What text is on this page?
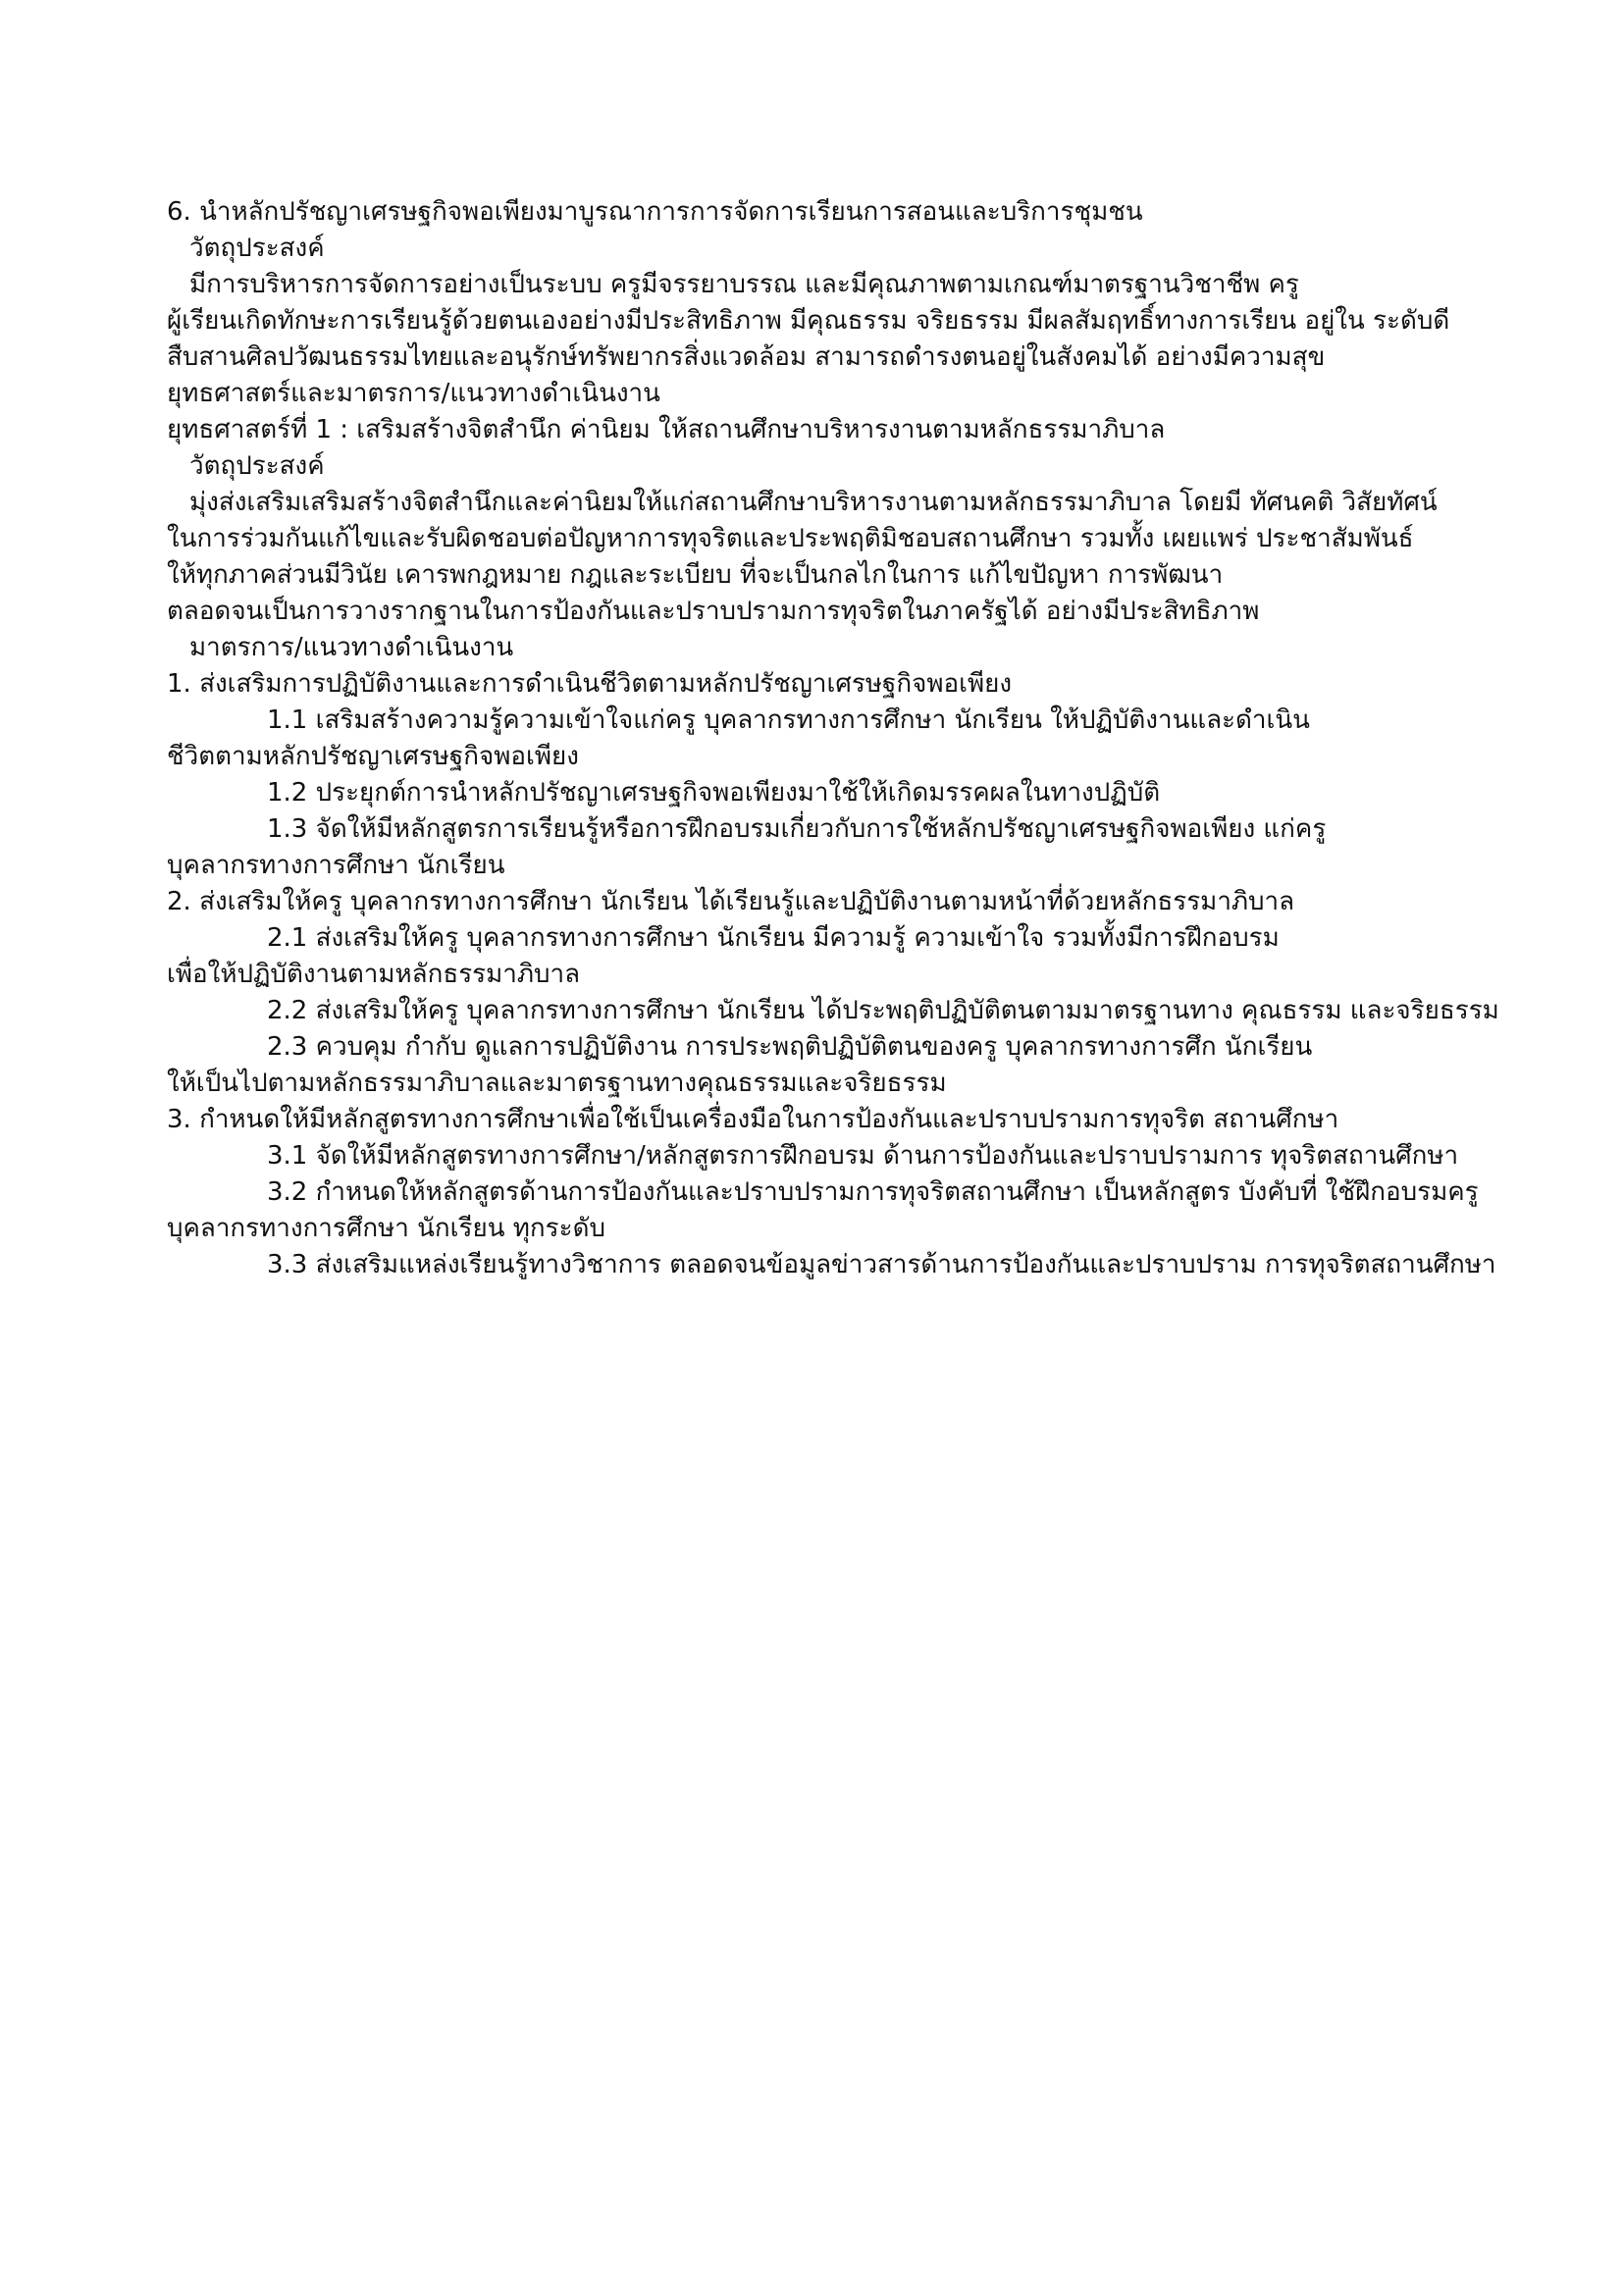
6. นำหลักปรัชญาเศรษฐกิจพอเพียงมาบูรณาการการจัดการเรียนการสอนและบริการชุมชน
วัตถุประสงค์
มีการบริหารการจัดการอย่างเป็นระบบ ครูมีจรรยาบรรณ และมีคุณภาพตามเกณฑ์มาตรฐานวิชาชีพ ครู
ผู้เรียนเกิดทักษะการเรียนรู้ด้วยตนเองอย่างมีประสิทธิภาพ มีคุณธรรม จริยธรรม มีผลสัมฤทธิ์ทางการเรียน อยู่ใน ระดับดี
สืบสานศิลปวัฒนธรรมไทยและอนุรักษ์ทรัพยากรสิ่งแวดล้อม สามารถดำรงตนอยู่ในสังคมได้ อย่างมีความสุข
ยุทธศาสตร์และมาตรการ/แนวทางดำเนินงาน
ยุทธศาสตร์ที่ 1 : เสริมสร้างจิตสำนึก ค่านิยม ให้สถานศึกษาบริหารงานตามหลักธรรมาภิบาล
วัตถุประสงค์
มุ่งส่งเสริมเสริมสร้างจิตสำนึกและค่านิยมให้แก่สถานศึกษาบริหารงานตามหลักธรรมาภิบาล โดยมี ทัศนคติ วิสัยทัศน์
ในการร่วมกันแก้ไขและรับผิดชอบต่อปัญหาการทุจริตและประพฤติมิชอบสถานศึกษา รวมทั้ง เผยแพร่ ประชาสัมพันธ์
ให้ทุกภาคส่วนมีวินัย เคารพกฎหมาย กฎและระเบียบ ที่จะเป็นกลไกในการ แก้ไขปัญหา การพัฒนา
ตลอดจนเป็นการวางรากฐานในการป้องกันและปราบปรามการทุจริตในภาครัฐได้ อย่างมีประสิทธิภาพ
มาตรการ/แนวทางดำเนินงาน
1. ส่งเสริมการปฏิบัติงานและการดำเนินชีวิตตามหลักปรัชญาเศรษฐกิจพอเพียง
1.1 เสริมสร้างความรู้ความเข้าใจแก่ครู บุคลากรทางการศึกษา นักเรียน ให้ปฏิบัติงานและดำเนิน
ชีวิตตามหลักปรัชญาเศรษฐกิจพอเพียง
1.2 ประยุกต์การนำหลักปรัชญาเศรษฐกิจพอเพียงมาใช้ให้เกิดมรรคผลในทางปฏิบัติ
1.3 จัดให้มีหลักสูตรการเรียนรู้หรือการฝึกอบรมเกี่ยวกับการใช้หลักปรัชญาเศรษฐกิจพอเพียง แก่ครู
บุคลากรทางการศึกษา นักเรียน
2. ส่งเสริมให้ครู บุคลากรทางการศึกษา นักเรียน ได้เรียนรู้และปฏิบัติงานตามหน้าที่ด้วยหลักธรรมาภิบาล
2.1 ส่งเสริมให้ครู บุคลากรทางการศึกษา นักเรียน มีความรู้ ความเข้าใจ รวมทั้งมีการฝึกอบรม
เพื่อให้ปฏิบัติงานตามหลักธรรมาภิบาล
2.2 ส่งเสริมให้ครู บุคลากรทางการศึกษา นักเรียน ได้ประพฤติปฏิบัติตนตามมาตรฐานทาง คุณธรรม และจริยธรรม
2.3 ควบคุม กำกับ ดูแลการปฏิบัติงาน การประพฤติปฏิบัติตนของครู บุคลากรทางการศึก นักเรียน
ให้เป็นไปตามหลักธรรมาภิบาลและมาตรฐานทางคุณธรรมและจริยธรรม
3. กำหนดให้มีหลักสูตรทางการศึกษาเพื่อใช้เป็นเครื่องมือในการป้องกันและปราบปรามการทุจริต สถานศึกษา
3.1 จัดให้มีหลักสูตรทางการศึกษา/หลักสูตรการฝึกอบรม ด้านการป้องกันและปราบปรามการ ทุจริตสถานศึกษา
3.2 กำหนดให้หลักสูตรด้านการป้องกันและปราบปรามการทุจริตสถานศึกษา เป็นหลักสูตร บังคับที่ ใช้ฝึกอบรมครู
บุคลากรทางการศึกษา นักเรียน ทุกระดับ
3.3 ส่งเสริมแหล่งเรียนรู้ทางวิชาการ ตลอดจนข้อมูลข่าวสารด้านการป้องกันและปราบปราม การทุจริตสถานศึกษา
